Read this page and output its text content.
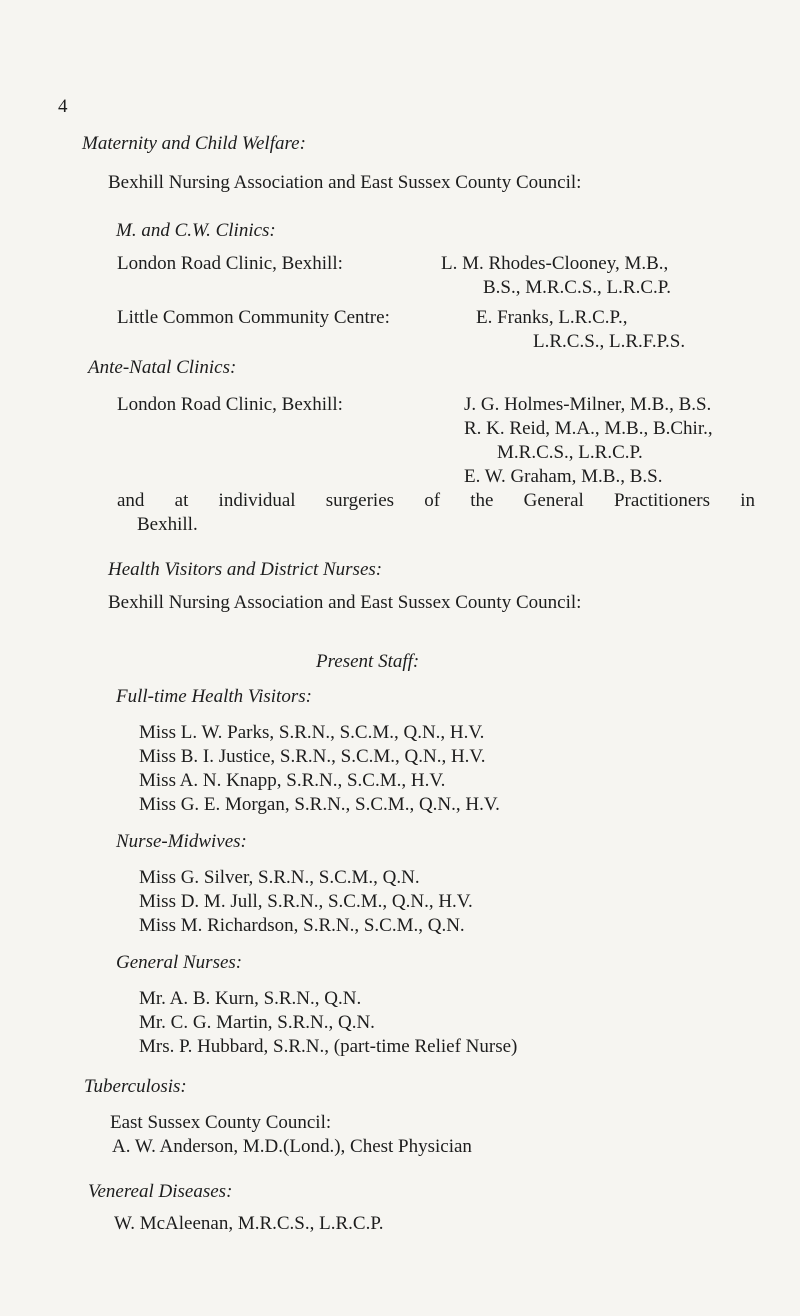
4
Maternity and Child Welfare:
Bexhill Nursing Association and East Sussex County Council:
M. and C.W. Clinics:
London Road Clinic, Bexhill:	L. M. Rhodes-Clooney, M.B.,
B.S., M.R.C.S., L.R.C.P.
Little Common Community Centre:	E. Franks, L.R.C.P.,
L.R.C.S., L.R.F.P.S.
Ante-Natal Clinics:
London Road Clinic, Bexhill:	J. G. Holmes-Milner, M.B., B.S.
R. K. Reid, M.A., M.B., B.Chir.,
M.R.C.S., L.R.C.P.
E. W. Graham, M.B., B.S.
and at individual surgeries of the General Practitioners in
Bexhill.
Health Visitors and District Nurses:
Bexhill Nursing Association and East Sussex County Council:
Present Staff:
Full-time Health Visitors:
Miss L. W. Parks, S.R.N., S.C.M., Q.N., H.V.
Miss B. I. Justice, S.R.N., S.C.M., Q.N., H.V.
Miss A. N. Knapp, S.R.N., S.C.M., H.V.
Miss G. E. Morgan, S.R.N., S.C.M., Q.N., H.V.
Nurse-Midwives:
Miss G. Silver, S.R.N., S.C.M., Q.N.
Miss D. M. Jull, S.R.N., S.C.M., Q.N., H.V.
Miss M. Richardson, S.R.N., S.C.M., Q.N.
General Nurses:
Mr. A. B. Kurn, S.R.N., Q.N.
Mr. C. G. Martin, S.R.N., Q.N.
Mrs. P. Hubbard, S.R.N., (part-time Relief Nurse)
Tuberculosis:
East Sussex County Council:
A. W. Anderson, M.D.(Lond.), Chest Physician
Venereal Diseases:
W. McAleenan, M.R.C.S., L.R.C.P.
